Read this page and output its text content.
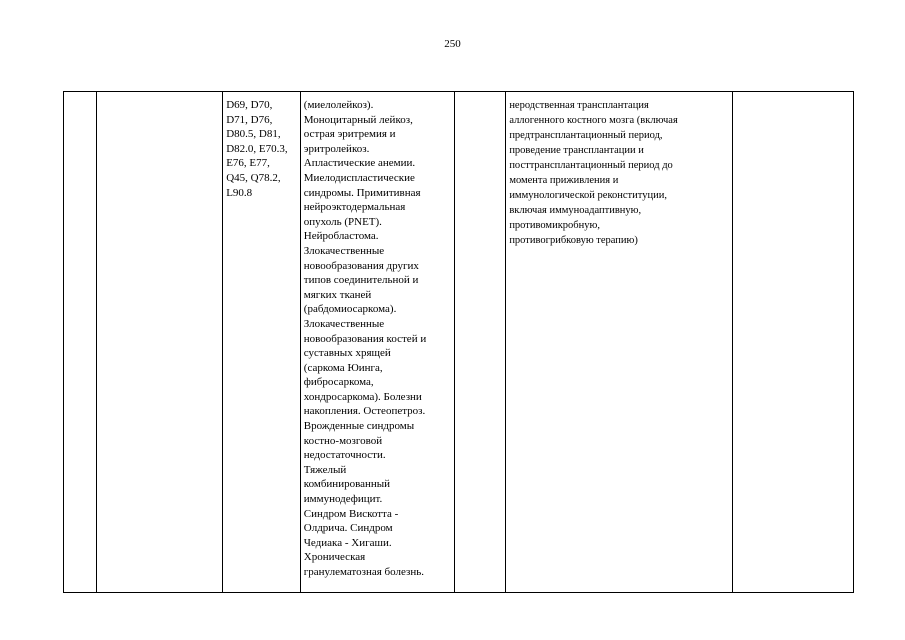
250
		D69, D70,
D71, D76,
D80.5, D81,
D82.0, E70.3,
E76, E77,
Q45, Q78.2,
L90.8	(миелолейкоз).
Моноцитарный лейкоз,
острая эритремия и
эритролейкоз.
Апластические анемии.
Миелодиспластические
синдромы. Примитивная
нейроэктодермальная
опухоль (PNET).
Нейробластома.
Злокачественные
новообразования других
типов соединительной и
мягких тканей
(рабдомиосаркома).
Злокачественные
новообразования костей и
суставных хрящей
(саркома Юинга,
фибросаркома,
хондросаркома). Болезни
накопления. Остеопетроз.
Врожденные синдромы
костно-мозговой
недостаточности.
Тяжелый
комбинированный
иммунодефицит.
Синдром Вискотта -
Олдрича. Синдром
Чедиака - Хигаши.
Хроническая
гранулематозная болезнь.		неродственная трансплантация
аллогенного костного мозга (включая
предтрансплантационный период,
проведение трансплантации и
посттрансплантационный период до
момента приживления и
иммунологической реконституции,
включая иммуноадаптивную,
противомикробную,
противогрибковую терапию)	
